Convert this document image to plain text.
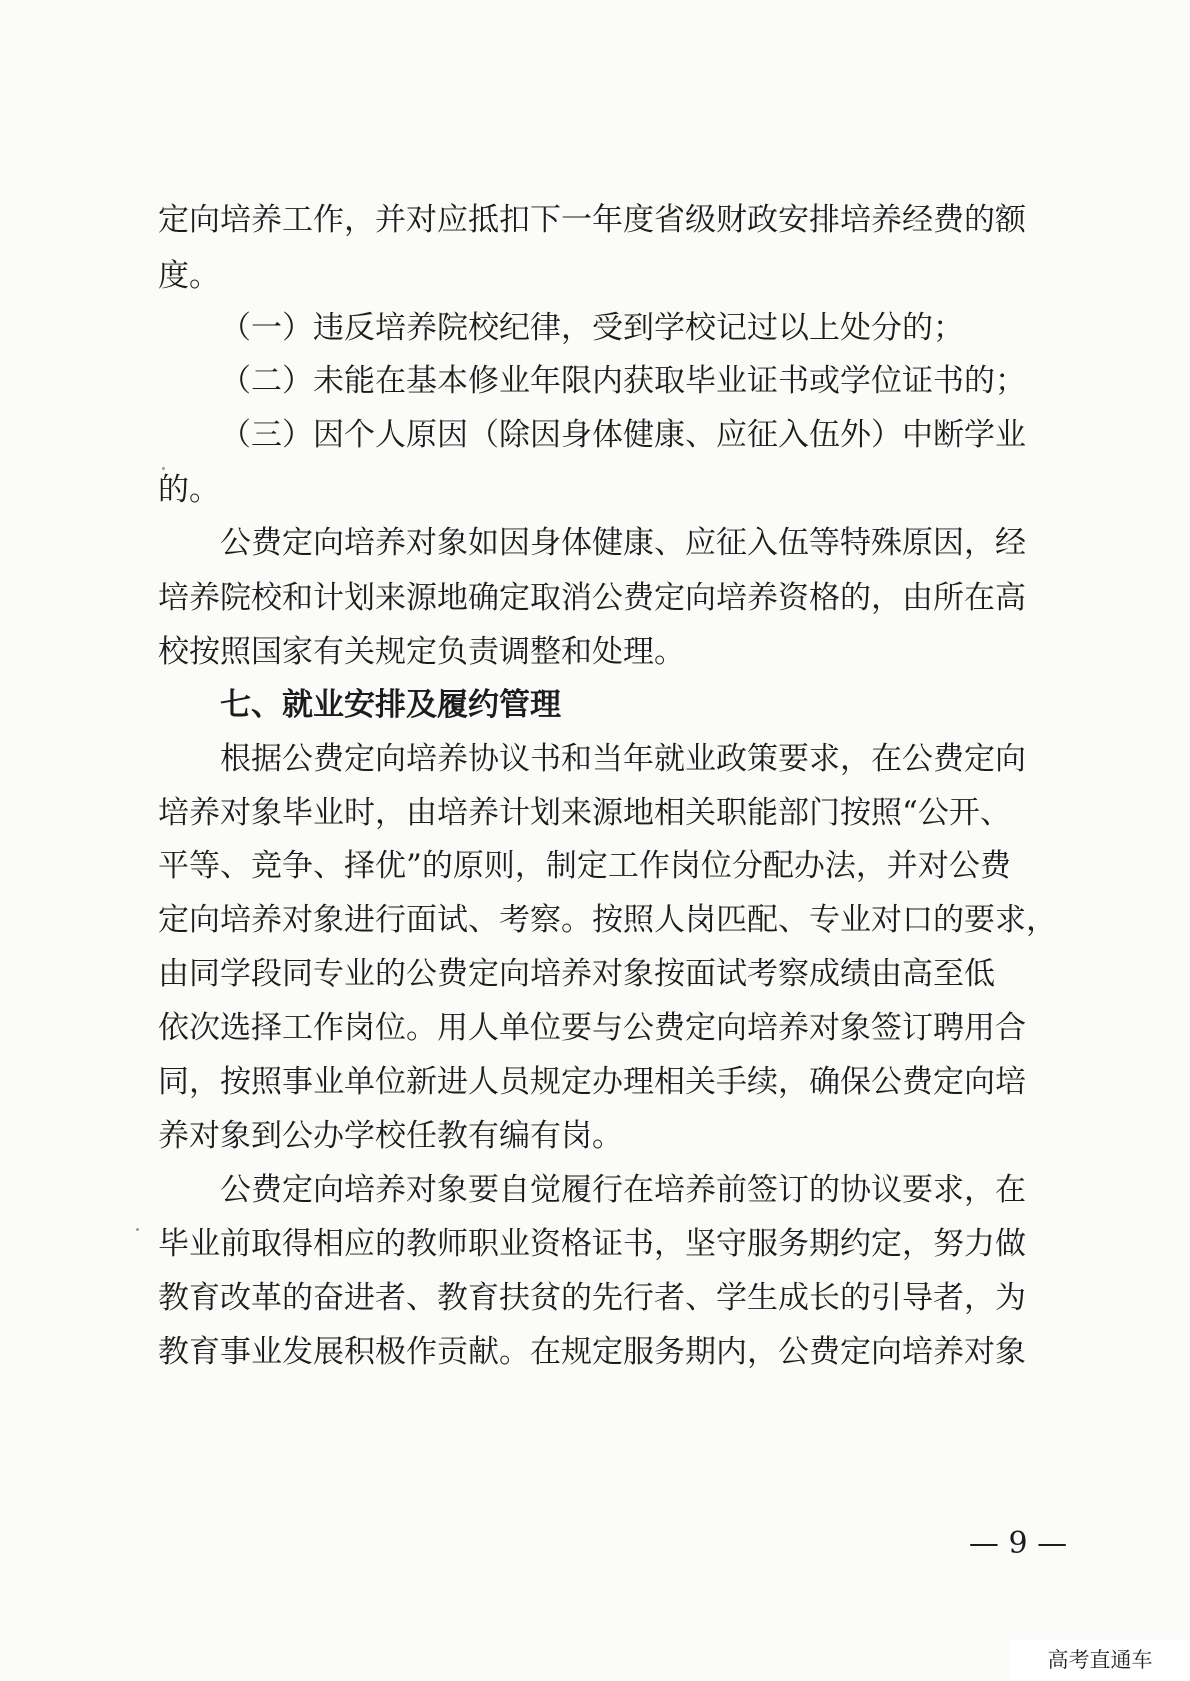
定向培养工作，并对应抵扣下一年度省级财政安排培养经费的额
度。
（一）违反培养院校纪律，受到学校记过以上处分的；
（二）未能在基本修业年限内获取毕业证书或学位证书的；
（三）因个人原因（除因身体健康、应征入伍外）中断学业
的。
公费定向培养对象如因身体健康、应征入伍等特殊原因，经
培养院校和计划来源地确定取消公费定向培养资格的，由所在高
校按照国家有关规定负责调整和处理。
七、就业安排及履约管理
根据公费定向培养协议书和当年就业政策要求，在公费定向
培养对象毕业时，由培养计划来源地相关职能部门按照“公开、
平等、竞争、择优”的原则，制定工作岗位分配办法，并对公费
定向培养对象进行面试、考察。按照人岗匹配、专业对口的要求，
由同学段同专业的公费定向培养对象按面试考察成绩由高至低
依次选择工作岗位。用人单位要与公费定向培养对象签订聘用合
同，按照事业单位新进人员规定办理相关手续，确保公费定向培
养对象到公办学校任教有编有岗。
公费定向培养对象要自觉履行在培养前签订的协议要求，在
毕业前取得相应的教师职业资格证书，坚守服务期约定，努力做
教育改革的奋进者、教育扶贫的先行者、学生成长的引导者，为
教育事业发展积极作贡献。在规定服务期内，公费定向培养对象
— 9 —
高考直通车
